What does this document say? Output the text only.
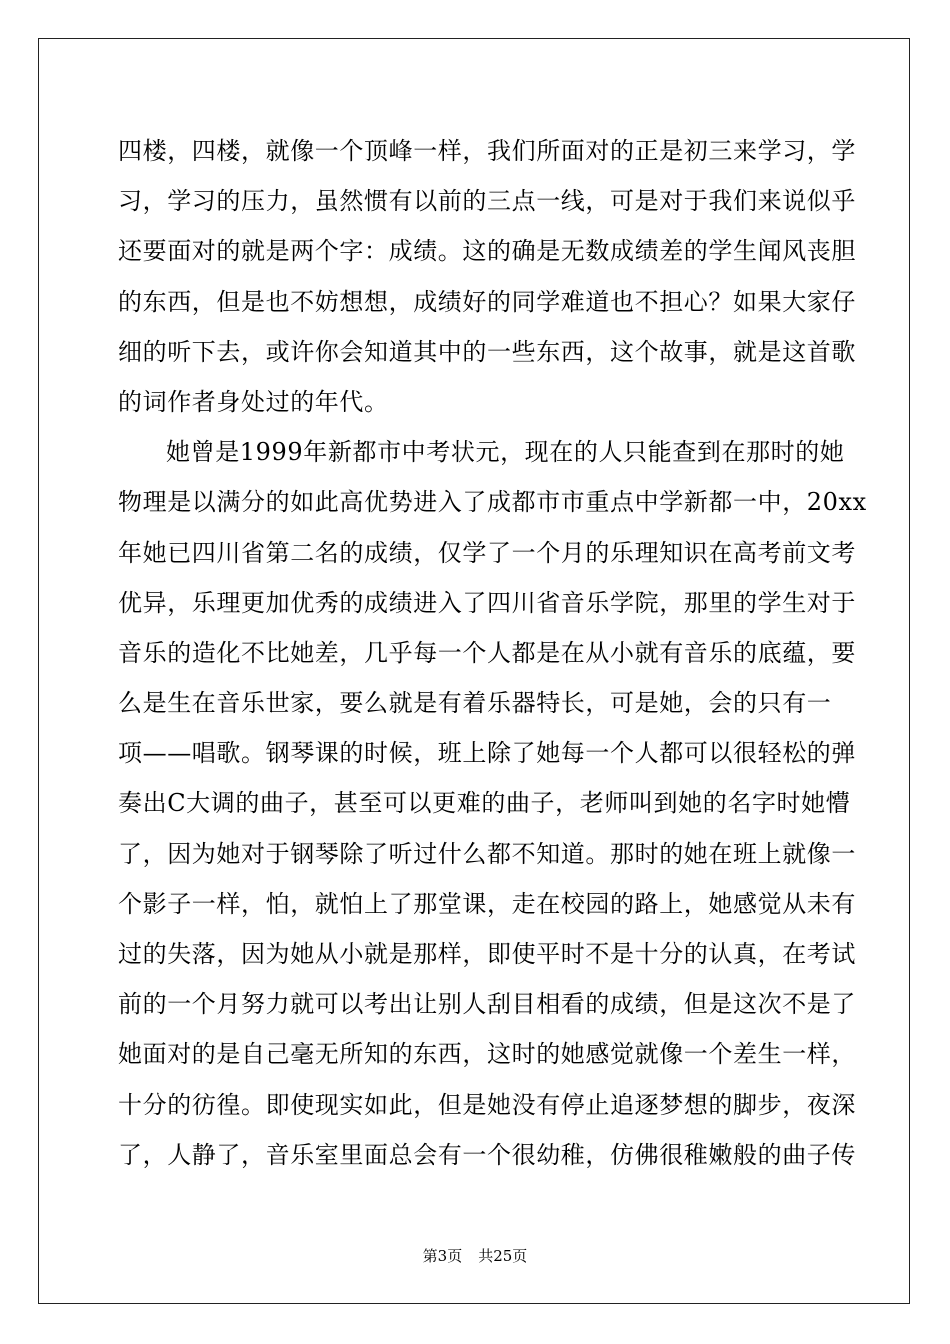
四楼，四楼，就像一个顶峰一样，我们所面对的正是初三来学习，学
习，学习的压力，虽然惯有以前的三点一线，可是对于我们来说似乎
还要面对的就是两个字：成绩。这的确是无数成绩差的学生闻风丧胆
的东西，但是也不妨想想，成绩好的同学难道也不担心？如果大家仔
细的听下去，或许你会知道其中的一些东西，这个故事，就是这首歌
的词作者身处过的年代。
她曾是1999年新都市中考状元，现在的人只能查到在那时的她
物理是以满分的如此高优势进入了成都市市重点中学新都一中，20xx
年她已四川省第二名的成绩，仅学了一个月的乐理知识在高考前文考
优异，乐理更加优秀的成绩进入了四川省音乐学院，那里的学生对于
音乐的造化不比她差，几乎每一个人都是在从小就有音乐的底蕴，要
么是生在音乐世家，要么就是有着乐器特长，可是她，会的只有一
项——唱歌。钢琴课的时候，班上除了她每一个人都可以很轻松的弹
奏出C大调的曲子，甚至可以更难的曲子，老师叫到她的名字时她懵
了，因为她对于钢琴除了听过什么都不知道。那时的她在班上就像一
个影子一样，怕，就怕上了那堂课，走在校园的路上，她感觉从未有
过的失落，因为她从小就是那样，即使平时不是十分的认真，在考试
前的一个月努力就可以考出让别人刮目相看的成绩，但是这次不是了
她面对的是自己毫无所知的东西，这时的她感觉就像一个差生一样，
十分的彷徨。即使现实如此，但是她没有停止追逐梦想的脚步，夜深
了，人静了，音乐室里面总会有一个很幼稚，仿佛很稚嫩般的曲子传
第3页 共25页
